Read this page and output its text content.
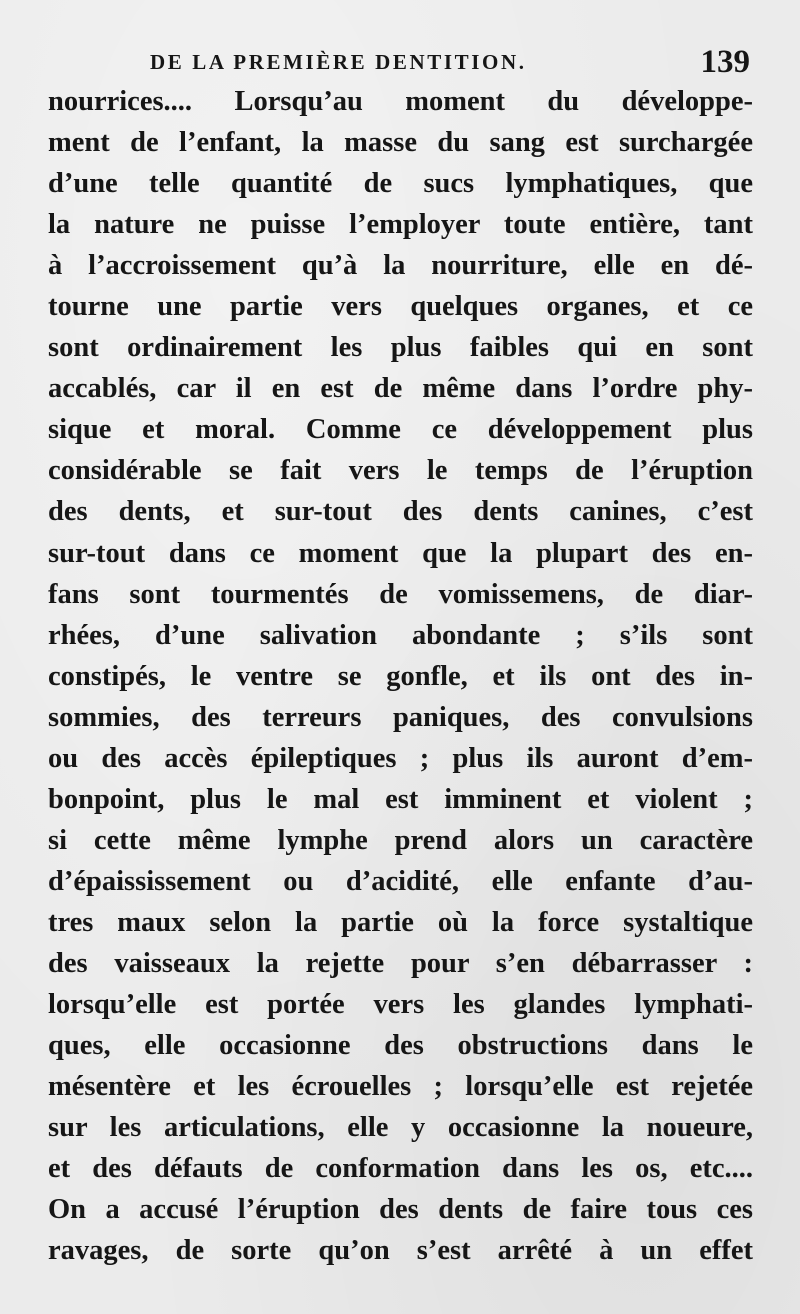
DE LA PREMIÈRE DENTITION.	139
nourrices.... Lorsqu’au moment du développe-
ment de l’enfant, la masse du sang est surchargée
d’une telle quantité de sucs lymphatiques, que
la nature ne puisse l’employer toute entière, tant
à l’accroissement qu’à la nourriture, elle en dé-
tourne une partie vers quelques organes, et ce
sont ordinairement les plus faibles qui en sont
accablés, car il en est de même dans l’ordre phy-
sique et moral. Comme ce développement plus
considérable se fait vers le temps de l’éruption
des dents, et sur-tout des dents canines, c’est
sur-tout dans ce moment que la plupart des en-
fans sont tourmentés de vomissemens, de diar-
rhées, d’une salivation abondante ; s’ils sont
constipés, le ventre se gonfle, et ils ont des in-
sommies, des terreurs paniques, des convulsions
ou des accès épileptiques ; plus ils auront d’em-
bonpoint, plus le mal est imminent et violent ;
si cette même lymphe prend alors un caractère
d’épaississement ou d’acidité, elle enfante d’au-
tres maux selon la partie où la force systaltique
des vaisseaux la rejette pour s’en débarrasser :
lorsqu’elle est portée vers les glandes lymphati-
ques, elle occasionne des obstructions dans le
mésentère et les écrouelles ; lorsqu’elle est rejetée
sur les articulations, elle y occasionne la noueure,
et des défauts de conformation dans les os, etc....
On a accusé l’éruption des dents de faire tous ces
ravages, de sorte qu’on s’est arrêté à un effet
